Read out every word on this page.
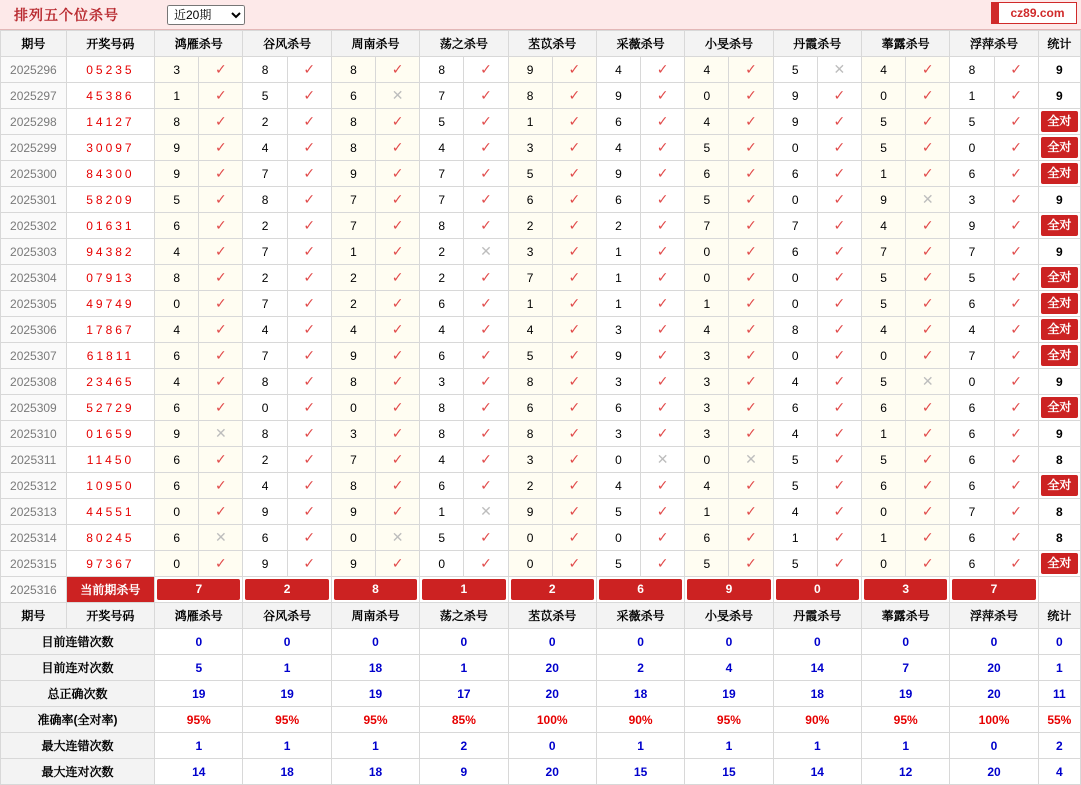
排列五个位杀号
近20期	cz89.com
期号	开奖号码	鸿雁杀号		谷风杀号		周南杀号		荡之杀号		苤苡杀号		采薇杀号		小旻杀号		丹霞杀号		菶露杀号		浮萍杀号		统计
2025296	05235	3	✓	8	✓	8	✓	8	✓	9	✓	4	✓	4	✓	5	✕	4	✓	8	✓	9
2025297	45386	1	✓	5	✓	6	✕	7	✓	8	✓	9	✓	0	✓	9	✓	0	✓	1	✓	9
2025298	14127	8	✓	2	✓	8	✓	5	✓	1	✓	6	✓	4	✓	9	✓	5	✓	5	✓	全对

2025299	30097	9	✓	4	✓	8	✓	4	✓	3	✓	4	✓	5	✓	0	✓	5	✓	0	✓	全对

2025300	84300	9	✓	7	✓	9	✓	7	✓	5	✓	9	✓	6	✓	6	✓	1	✓	6	✓	全对

2025301	58209	5	✓	8	✓	7	✓	7	✓	6	✓	6	✓	5	✓	0	✓	9	✕	3	✓	9
2025302	01631	6	✓	2	✓	7	✓	8	✓	2	✓	2	✓	7	✓	7	✓	4	✓	9	✓	全对

2025303	94382	4	✓	7	✓	1	✓	2	✕	3	✓	1	✓	0	✓	6	✓	7	✓	7	✓	9
2025304	07913	8	✓	2	✓	2	✓	2	✓	7	✓	1	✓	0	✓	0	✓	5	✓	5	✓	全对

2025305	49749	0	✓	7	✓	2	✓	6	✓	1	✓	1	✓	1	✓	0	✓	5	✓	6	✓	全对

2025306	17867	4	✓	4	✓	4	✓	4	✓	4	✓	3	✓	4	✓	8	✓	4	✓	4	✓	全对

2025307	61811	6	✓	7	✓	9	✓	6	✓	5	✓	9	✓	3	✓	0	✓	0	✓	7	✓	全对

2025308	23465	4	✓	8	✓	8	✓	3	✓	8	✓	3	✓	3	✓	4	✓	5	✕	0	✓	9
2025309	52729	6	✓	0	✓	0	✓	8	✓	6	✓	6	✓	3	✓	6	✓	6	✓	6	✓	全对

2025310	01659	9	✕	8	✓	3	✓	8	✓	8	✓	3	✓	3	✓	4	✓	1	✓	6	✓	9
2025311	11450	6	✓	2	✓	7	✓	4	✓	3	✓	0	✕	0	✕	5	✓	5	✓	6	✓	8
2025312	10950	6	✓	4	✓	8	✓	6	✓	2	✓	4	✓	4	✓	5	✓	6	✓	6	✓	全对

2025313	44551	0	✓	9	✓	9	✓	1	✕	9	✓	5	✓	1	✓	4	✓	0	✓	7	✓	8
2025314	80245	6	✕	6	✓	0	✕	5	✓	0	✓	0	✓	6	✓	1	✓	1	✓	6	✓	8
2025315	97367	0	✓	9	✓	9	✓	0	✓	0	✓	5	✓	5	✓	5	✓	0	✓	6	✓	全对

2025316	当前期杀号	7		2		8		1		2		6		9		0		3		7		

期号	开奖号码	鸿雁杀号		谷风杀号		周南杀号		荡之杀号		苤苡杀号		采薇杀号		小旻杀号		丹霞杀号		菶露杀号		浮萍杀号		统计
目前连错次数		0		0		0		0		0		0		0		0		0		0		0
目前连对次数		5		1		18		1		20		2		4		14		7		20		1
总正确次数		19		19		19		17		20		18		19		18		19		20		11
准确率(全对率)		95%		95%		95%		85%		100%		90%		95%		90%		95%		100%		55%
最大连错次数		1		1		1		2		0		1		1		1		1		0		2
最大连对次数		14		18		18		9		20		15		15		14		12		20		4
